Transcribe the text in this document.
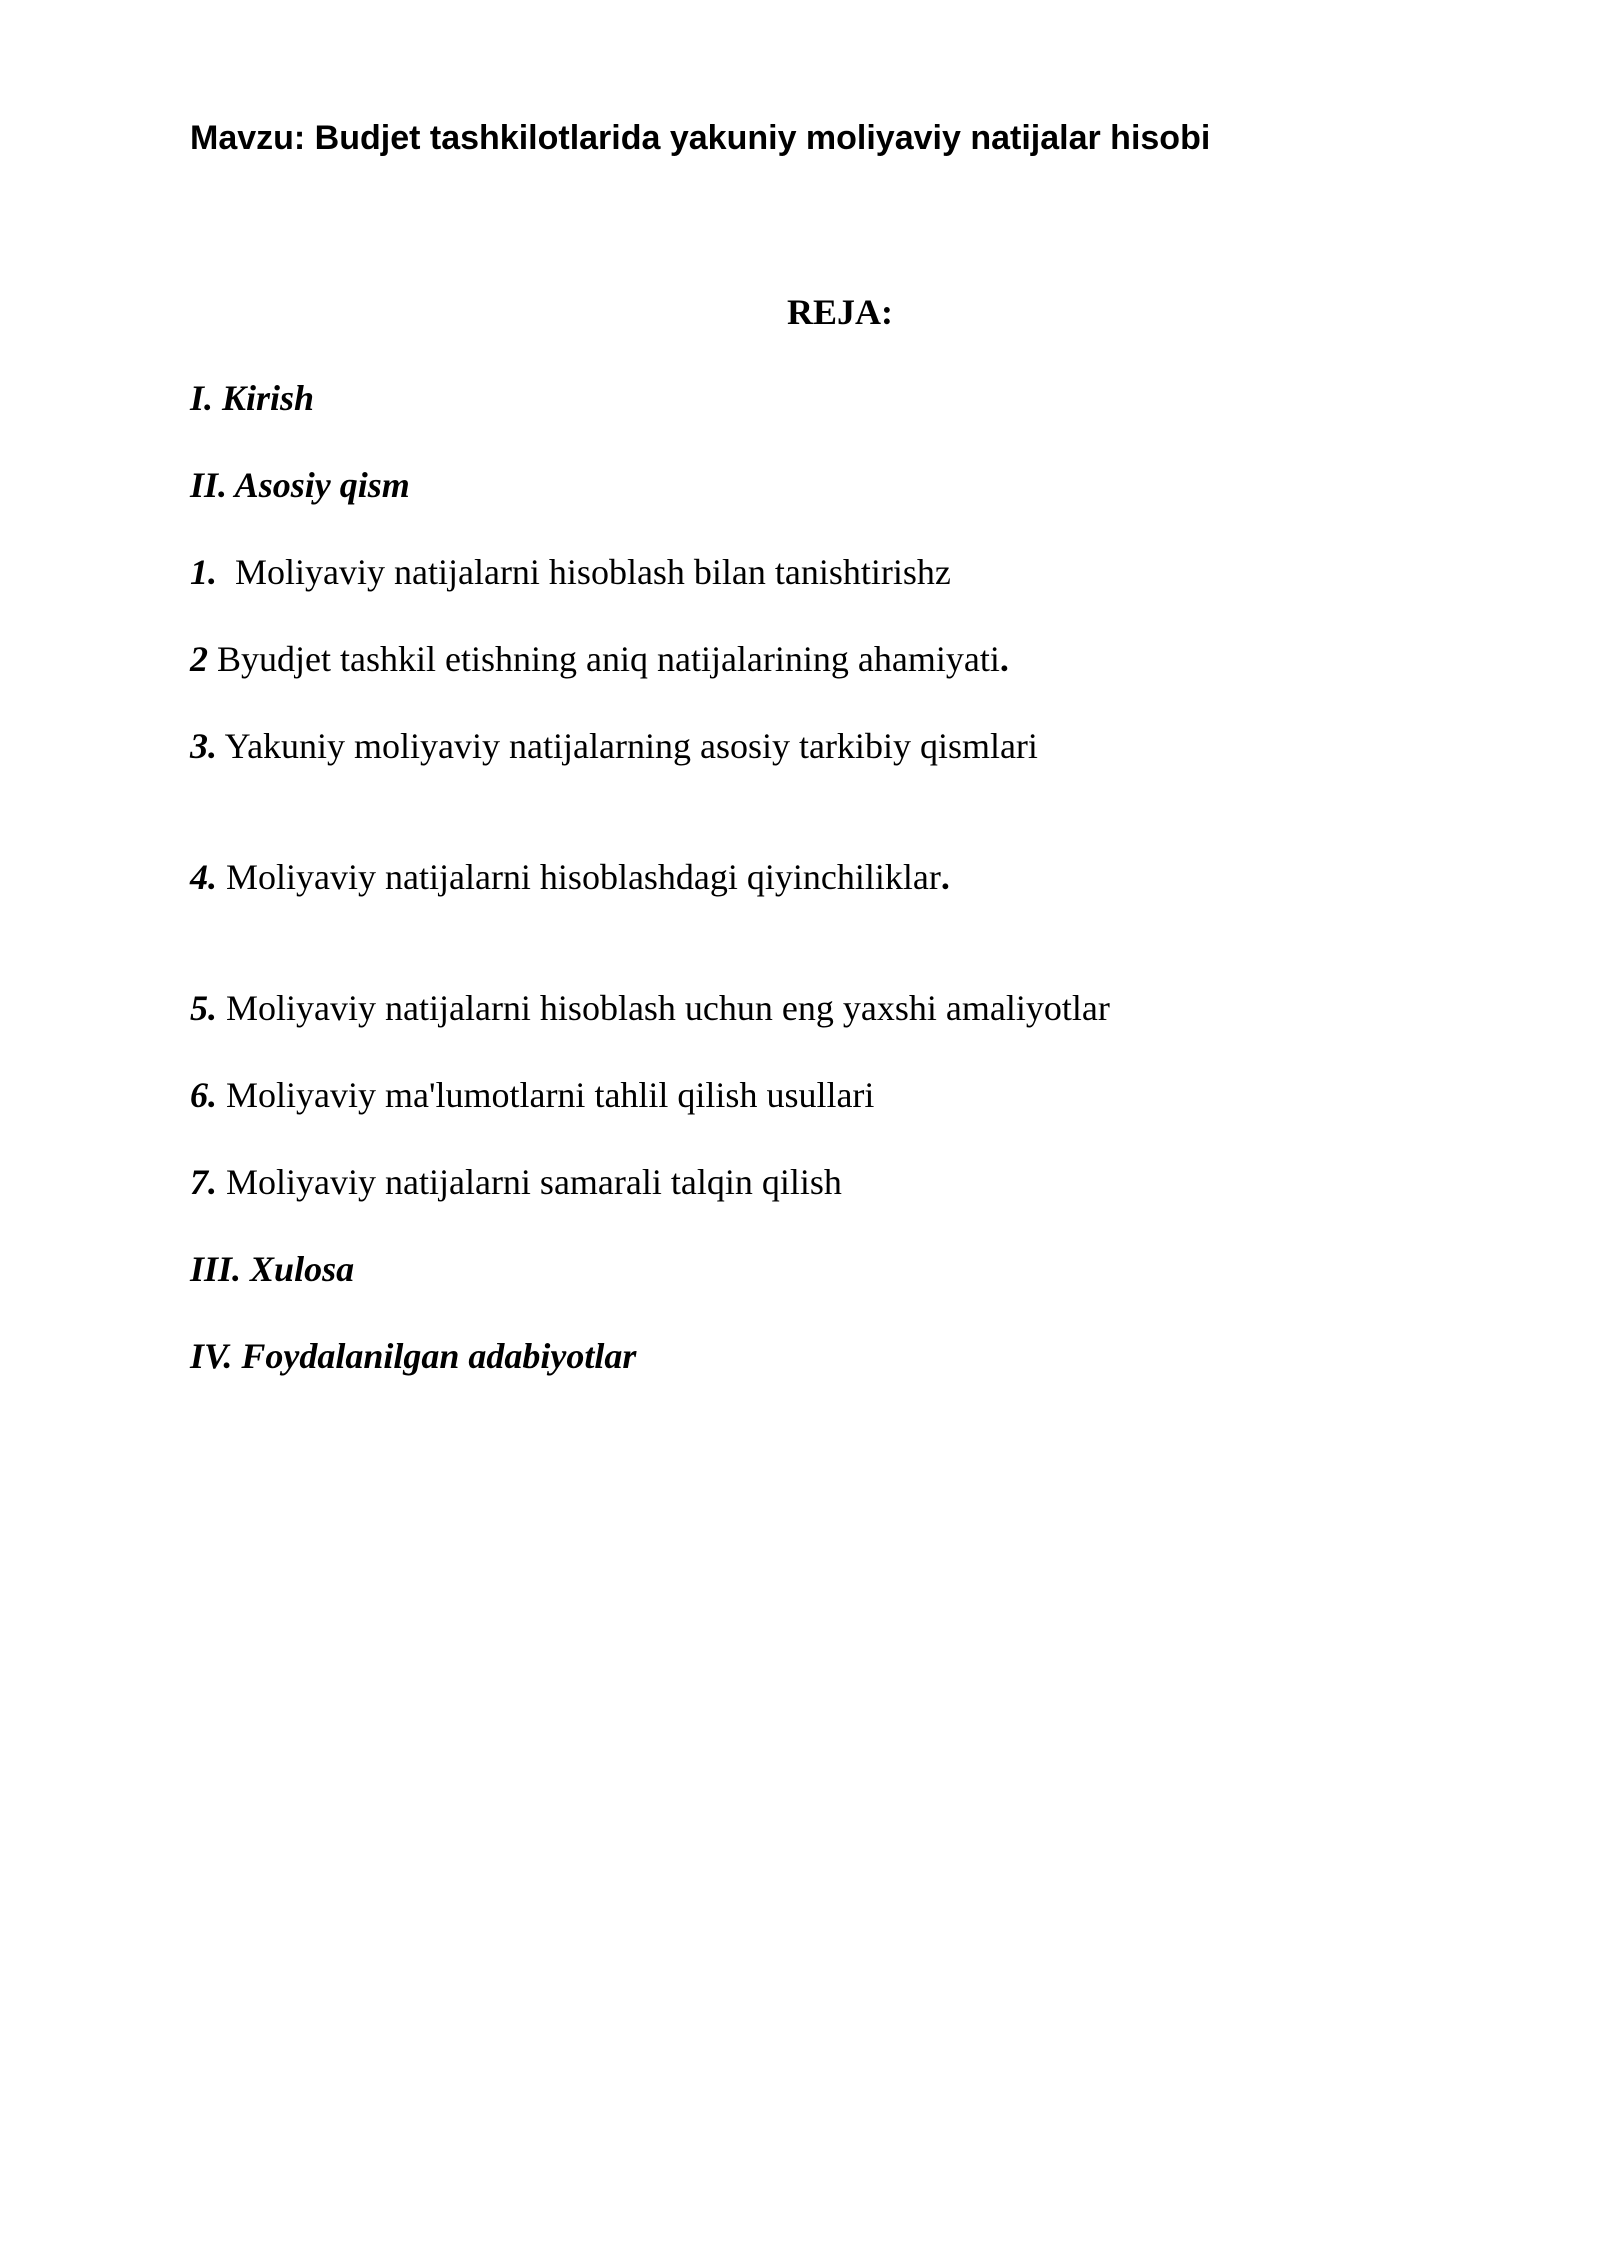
Mavzu: Budjet tashkilotlarida yakuniy moliyaviy natijalar hisobi
REJA:
I. Kirish
II. Asosiy qism
1. Moliyaviy natijalarni hisoblash bilan tanishtirishz
2 Byudjet tashkil etishning aniq natijalarining ahamiyati.
3. Yakuniy moliyaviy natijalarning asosiy tarkibiy qismlari
4. Moliyaviy natijalarni hisoblashdagi qiyinchiliklar.
5. Moliyaviy natijalarni hisoblash uchun eng yaxshi amaliyotlar
6. Moliyaviy ma'lumotlarni tahlil qilish usullari
7. Moliyaviy natijalarni samarali talqin qilish
III. Xulosa
IV. Foydalanilgan adabiyotlar
